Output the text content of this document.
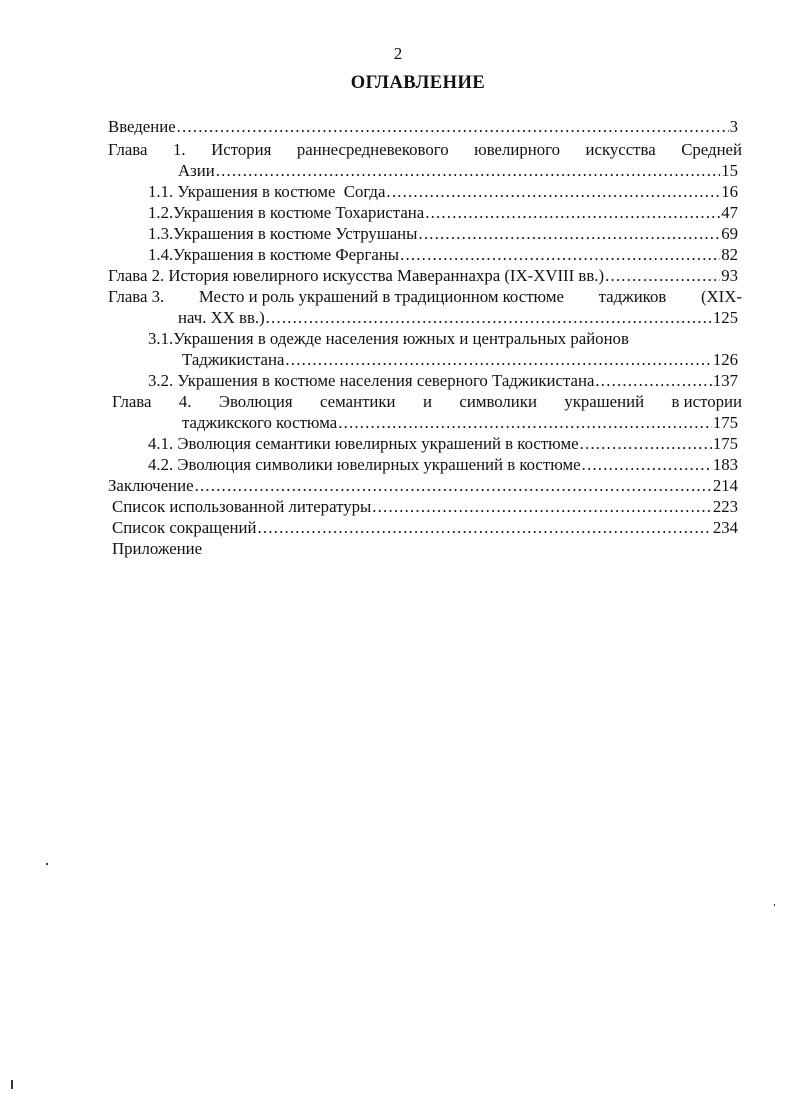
2
ОГЛАВЛЕНИЕ
Введение .....	3
Глава 1. История раннесредневекового ювелирного искусства Средней
Азии .....	15
1.1. Украшения в костюме  Согда .....	16
1.2.Украшения в костюме Тохаристана .....	47
1.3.Украшения в костюме Уструшаны .....	69
1.4.Украшения в костюме Ферганы .....	82
Глава 2. История ювелирного искусства Мавераннахра (IX-XVIII вв.) .....	93
Глава 3. Место и роль украшений в традиционном костюме таджиков (XIX-
нач. XX вв.) .....	125
3.1.Украшения в одежде населения южных и центральных районов
Таджикистана .....	126
3.2. Украшения в костюме населения северного Таджикистана .....	137
Глава 4. Эволюция семантики и символики украшений в истории
таджикского костюма .....	175
4.1. Эволюция семантики ювелирных украшений в костюме .....	175
4.2. Эволюция символики ювелирных украшений в костюме .....	183
Заключение .....	214
Список использованной литературы .....	223
Список сокращений .....	234
Приложение
